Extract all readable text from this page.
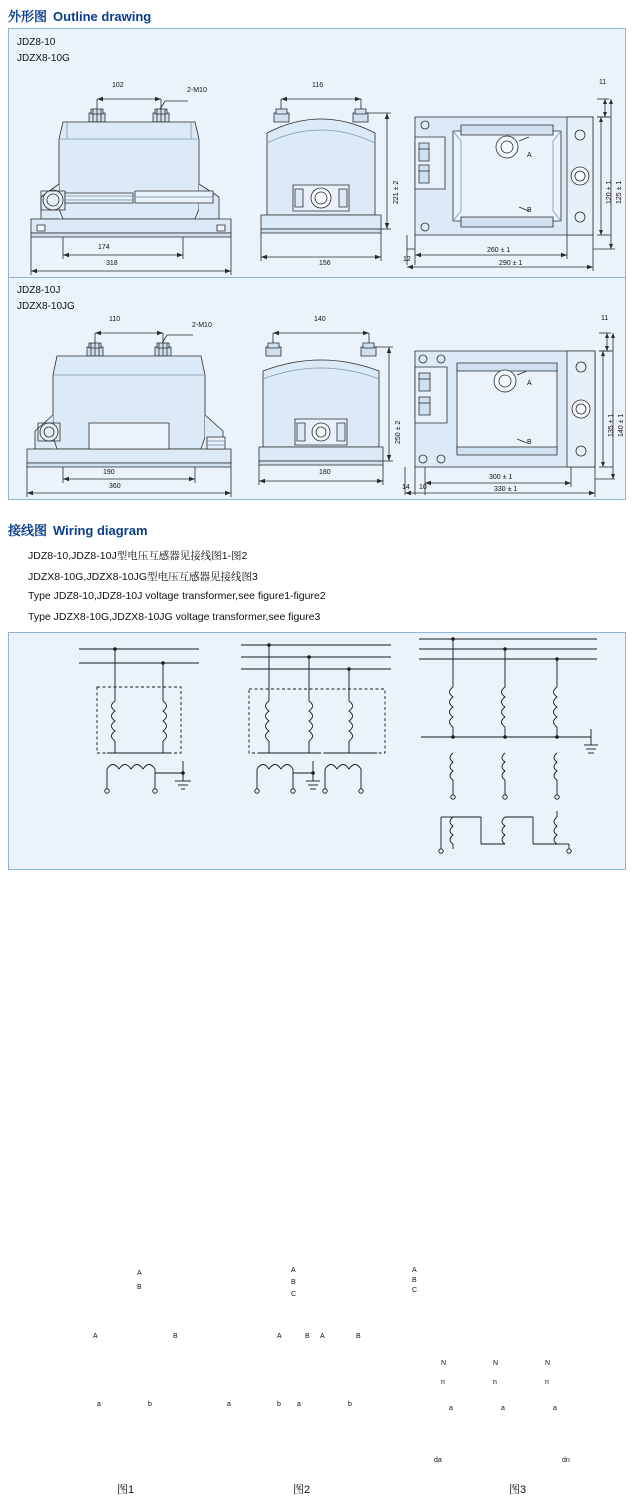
外形图 Outline drawing
JDZ8-10
JDZX8-10G
102
2-M10
174
318
116
221 ± 2
156
11
120 ± 1 125 ± 1
12
260 ± 1
290 ± 1
A
B
JDZ8-10J
JDZX8-10JG
110
2-M10
190
360
140
250 ± 2
180
11
135 ± 1 140 ± 1
14 10
300 ± 1
330 ± 1
A
B
接线图 Wiring diagram
JDZ8-10,JDZ8-10J型电压互感器见接线图1-图2
JDZX8-10G,JDZX8-10JG型电压互感器见接线图3
Type JDZ8-10,JDZ8-10J voltage transformer,see figure1-figure2
Type JDZX8-10G,JDZX8-10JG voltage transformer,see figure3
A
B
A	B
a	b
图1
A
B
C
A	B A	B
a	b a	b
图2
A
B
C
N	N	N
n	n	n
a	a	a
da	dn
图3
